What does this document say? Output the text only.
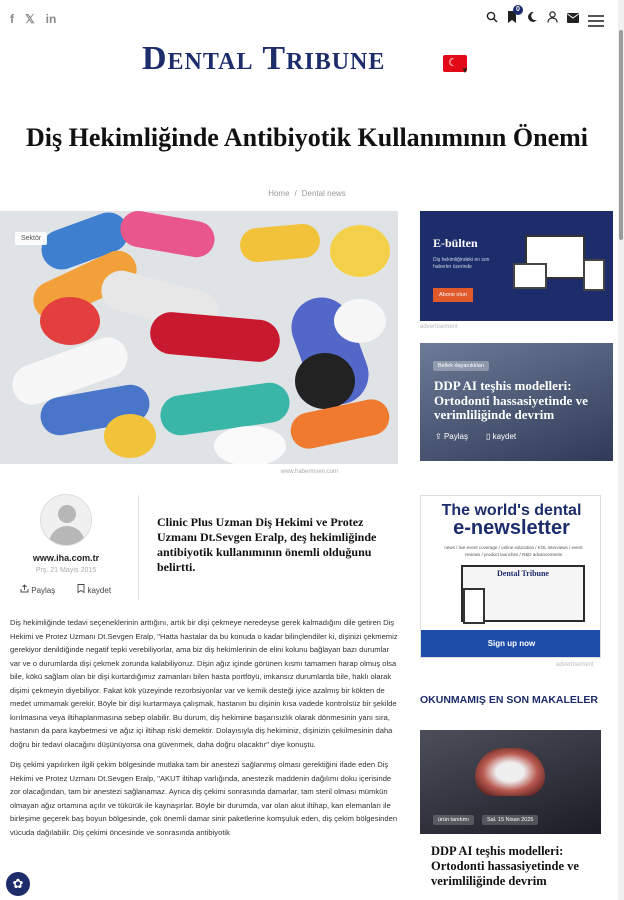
f 𝕏 in
0
Dental Tribune	☾
▼
Diş Hekimliğinde Antibiyotik Kullanımının Önemi
Home / Dental news
Sektör
www.habermsen.com
www.iha.com.tr
Prş. 21 Mayıs 2015
Paylaş	kaydet

Clinic Plus Uzman Diş Hekimi ve Protez Uzmanı Dt.Sevgen Eralp, deş hekimliğinde antibiyotik kullanımının önemli olduğunu belirtti.

Diş hekimliğinde tedavi seçeneklerinin arttığını, artık bir dişi çekmeye neredeyse gerek kalmadığını dile getiren Diş Hekimi ve Protez Uzmanı Dt.Sevgen Eralp, "Hatta hastalar da bu konuda o kadar bilinçlendiler ki, dişinizi çekmemiz gerekiyor denildiğinde negatif tepki verebiliyorlar, ama biz diş hekimlerinin de elini kolunu bağlayan bazı durumlar var ve o durumlarda dişi çekmek zorunda kalabiliyoruz. Dişin ağız içinde görünen kısmı tamamen harap olmuş olsa bile, kökü sağlam olan bir dişi kurtardığımız zamanları bilen hasta portföyü, imkansız durumlarda bile, haklı olarak dişimi çekmeyin diyebiliyor. Fakat kök yüzeyinde rezorbsiyonlar var ve kemik desteği iyice azalmış bir kökten de medet ummamak gerekir. Böyle bir dişi kurtarmaya çalışmak, hastanın bu dişinin kısa vadede kontrolsüz bir şekilde kırılmasına veya iltihaplanmasına sebep olabilir. Bu durum, diş hekimine başarısızlık olarak dönmesinin yanı sıra, hastanın da para kaybetmesi ve ağız içi iltihap riski demektir. Dolayısıyla diş hekiminiz, dişinizin çekilmesinin daha doğru bir tedavi olacağını düşünüyorsa ona güvenmek, daha doğru olacaktır" diye konuştu.

Diş çekimi yapılırken ilgili çekim bölgesinde mutlaka tam bir anestezi sağlanmış olması gerektiğini ifade eden Diş Hekimi ve Protez Uzmanı Dt.Sevgen Eralp, "AKUT iltihap varlığında, anestezik maddenin dağılımı doku içerisinde zor olacağından, tam bir anestezi sağlanamaz. Ayrıca diş çekimi sonrasında damarlar, tam steril olması mümkün olmayan ağız ortamına açılır ve tükürük ile kaynaşırlar. Böyle bir durumda, var olan akut iltihap, kan elemanları ile birleşime geçerek baş boyun bölgesinde, çok önemli damar sinir paketlerine komşuluk eden, diş çekim bölgesinden vücuda dağılabilir. Diş çekimi öncesinde ve sonrasında antibiyotik

✿
E-bülten
Diş hekimliğindeki en son haberler üzerinde
Abone olun
advertisement
Bellek dayanıklıları
DDP AI teşhis modelleri: Ortodonti hassasiyetinde ve verimliliğinde devrim
⇪ Paylaş ▯ kaydet
The world's dental
e-newsletter
news / live event coverage / online education / KOL interviews / event reviews / product launches / R&D advancements
Dental Tribune
Sign up now
advertisement
OKUNMAMIŞ EN SON MAKALELER
ürün tanıtımı	Sal. 15 Nisan 2025
DDP AI teşhis modelleri: Ortodonti hassasiyetinde ve verimliliğinde devrim
